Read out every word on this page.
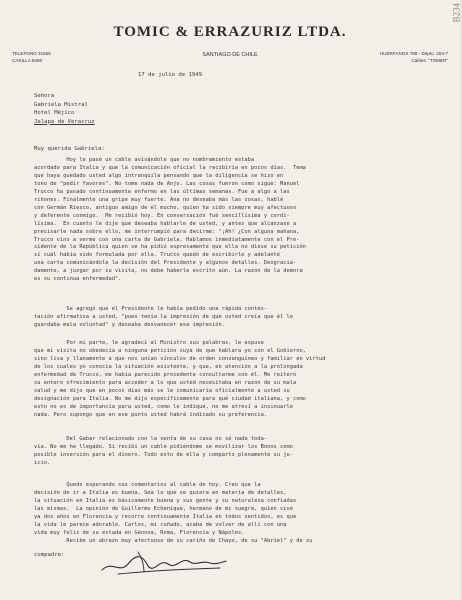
B234
TOMIC & ERRAZURIZ LTDA.
TELEFONO 31555
CASILLA 5090
SANTIAGO DE CHILE	HUERFANOS 786 - Depto. 204-7
Cables: "TOMER"
17 de julio de 1949
Señora
Gabriela Mistral
Hotel Méjico
Jalapa de Veracruz
Muy querida Gabriela:
Hoy le pasé un cable avisándole que no nombramiento estaba
acordado para Italia y que la comunicación oficial la recibiría en pocos días.  Tema
que haya quedado usted algo intranquila pensando que la diligencia se hizo en
tono de "pedir favores". No tome nada de Anjo. Las cosas fueron como sigue: Manuel
Trucco ha pasado continuamente enfermo en las últimas semanas. Fue a algo a las
riñones. Finalmente una gripe muy fuerte. Ana no deseaba más las cosas, hablé
con Germán Riesco, antiguo amigo de él mucho, quien ha sido siempre muy afectuoso
y deferente conmigo.  Me recibió hoy. En conversación fué sencillísima y cordi-
lísima.  En cuanto le dije que deseaba hablarle de usted, y antes que alcanzase a
precisarle nada sobre ello, me interrumpió para decirme: "¡Ah! ¿Con alguna mañana,
Trucco vino a verme con una carta de Gabriela. Hablamos inmediatamente con el Pre-
sidente de la República quien se ha pidió expresamente que ella no diese su petición
sí cuál había sido formulada por ella. Trucco quedó de escribirle y adelanté
una carta comunicándole la decisión del Presidente y algunos detalles. Desgracia-
damente, a juzgar por su visita, no debe haberle escrito aún. La razón de la demora
es su continua enfermedad".
Se agregó que el Presidente le había pedido una rápida contes-
tación afirmativa a usted, "pues tenía la impresión de que usted creía que él le
guardaba mala voluntad" y deseaba desvanecer esa impresión.
Por mi parte, le agradecí al Ministro sus palabras, le expuse
que mi visita no obedecía a ninguna petición suya de que hablara yo con el Gobierno,
sino lisa y llanamente a que nos unían vínculos de orden consanguíneo y familiar en virtud
de los cuales yo conocía la situación existente, y que, en atención a la prolongada
enfermedad de Trucco, me había parecido procedente consultarme con él. Me reiteró
su entero ofrecimiento para acceder a lo que usted necesitaba en razón de su mala
salud y me dijo que en pocos días más se le comunicaría oficialmente a usted su
designación para Italia. No me dijo específicamente para qué ciudad italiana, y como
esto no es de importancia para usted, como le indiqué, no me atreví a insinuarle
nada. Pero supongo que en ese punto usted habrá indicado su preferencia.
Del Gabar relacionado con la venta de su casa no sé nada toda-
vía. No me he llegado. Si recibí un cable pidiéndome se movilizar los Bonos como
posible inversión para el dinero. Todo esto de ella y comparto plenamente su ju-
icio.
Quedo esperando sus comentarios al cable de hoy. Creo que la
decisión de ir a Italia es buena. Sea lo que se quiera en materia de detalles,
la situación en Italia es básicamente buena y sus gente y su naturaleza confíadas
las mismas.  La opinión de Guillermo Echenique, hermano de mi suegra, quien vive
ya dos años en Florencia y recorre continuamente Italia en todos sentidos, es que
la vida le parece adorable. Carlos, mi cuñado, acaba de volver de allí con una
vida muy feliz de su estada en Génova, Roma, Florencia y Nápoles.
Recibe un abrazo muy afectuoso de su cariño de Chayo, de su "Abriel" y de su
compadre:
